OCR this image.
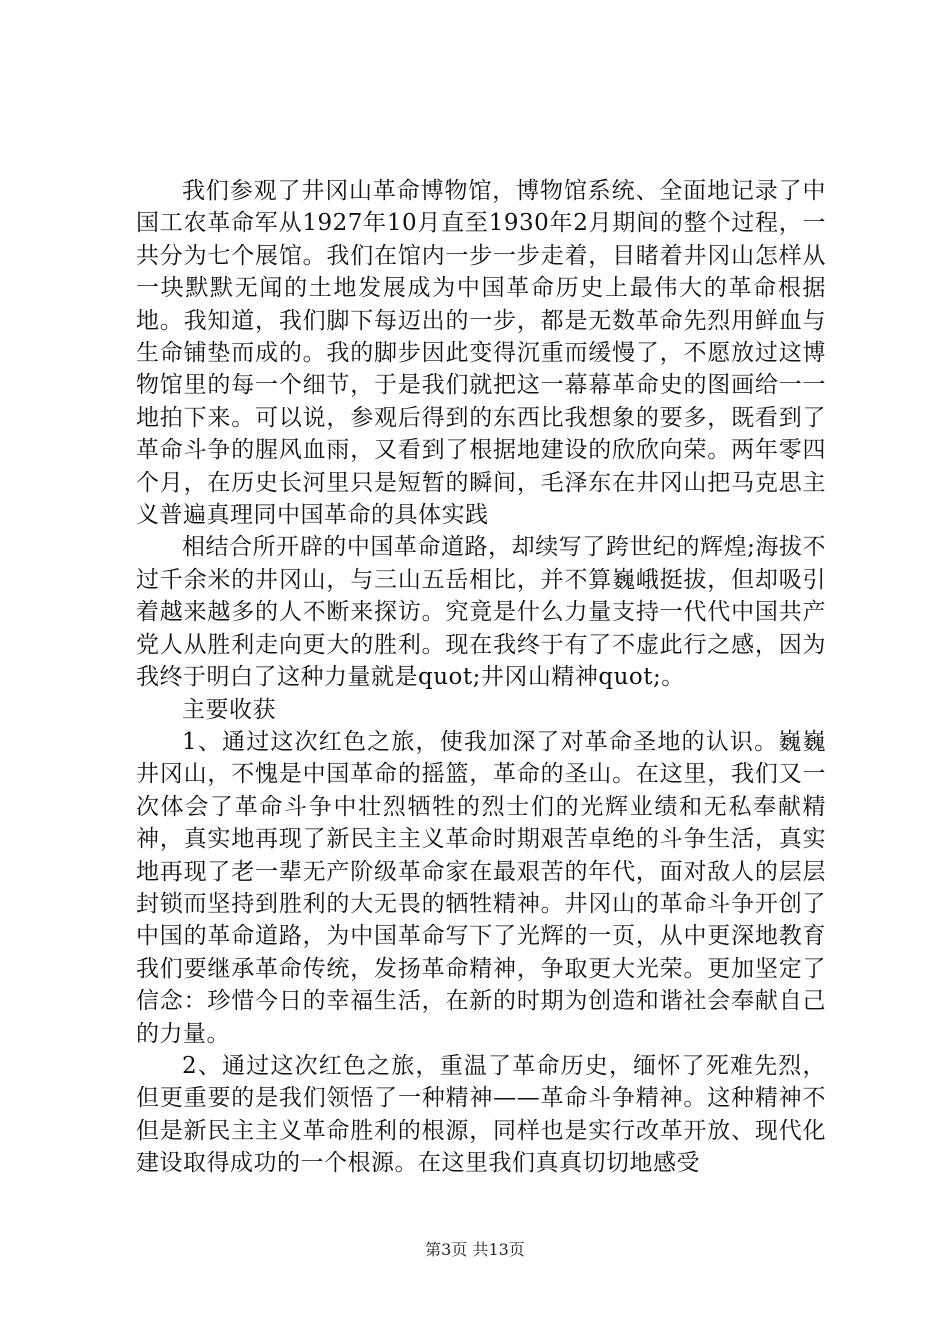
我们参观了井冈山革命博物馆，博物馆系统、全面地记录了中国工农革命军从1927年10月直至1930年2月期间的整个过程，一共分为七个展馆。我们在馆内一步一步走着，目睹着井冈山怎样从一块默默无闻的土地发展成为中国革命历史上最伟大的革命根据地。我知道，我们脚下每迈出的一步，都是无数革命先烈用鲜血与生命铺垫而成的。我的脚步因此变得沉重而缓慢了，不愿放过这博物馆里的每一个细节，于是我们就把这一幕幕革命史的图画给一一地拍下来。可以说，参观后得到的东西比我想象的要多，既看到了革命斗争的腥风血雨，又看到了根据地建设的欣欣向荣。两年零四个月，在历史长河里只是短暂的瞬间，毛泽东在井冈山把马克思主义普遍真理同中国革命的具体实践

相结合所开辟的中国革命道路，却续写了跨世纪的辉煌;海拔不过千余米的井冈山，与三山五岳相比，并不算巍峨挺拔，但却吸引着越来越多的人不断来探访。究竟是什么力量支持一代代中国共产党人从胜利走向更大的胜利。现在我终于有了不虚此行之感，因为我终于明白了这种力量就是quot;井冈山精神quot;。

主要收获

1、通过这次红色之旅，使我加深了对革命圣地的认识。巍巍井冈山，不愧是中国革命的摇篮，革命的圣山。在这里，我们又一次体会了革命斗争中壮烈牺牲的烈士们的光辉业绩和无私奉献精神，真实地再现了新民主主义革命时期艰苦卓绝的斗争生活，真实地再现了老一辈无产阶级革命家在最艰苦的年代，面对敌人的层层封锁而坚持到胜利的大无畏的牺牲精神。井冈山的革命斗争开创了中国的革命道路，为中国革命写下了光辉的一页，从中更深地教育我们要继承革命传统，发扬革命精神，争取更大光荣。更加坚定了信念：珍惜今日的幸福生活，在新的时期为创造和谐社会奉献自己的力量。

2、通过这次红色之旅，重温了革命历史，缅怀了死难先烈，但更重要的是我们领悟了一种精神——革命斗争精神。这种精神不但是新民主主义革命胜利的根源，同样也是实行改革开放、现代化建设取得成功的一个根源。在这里我们真真切切地感受

第3页 共13页
